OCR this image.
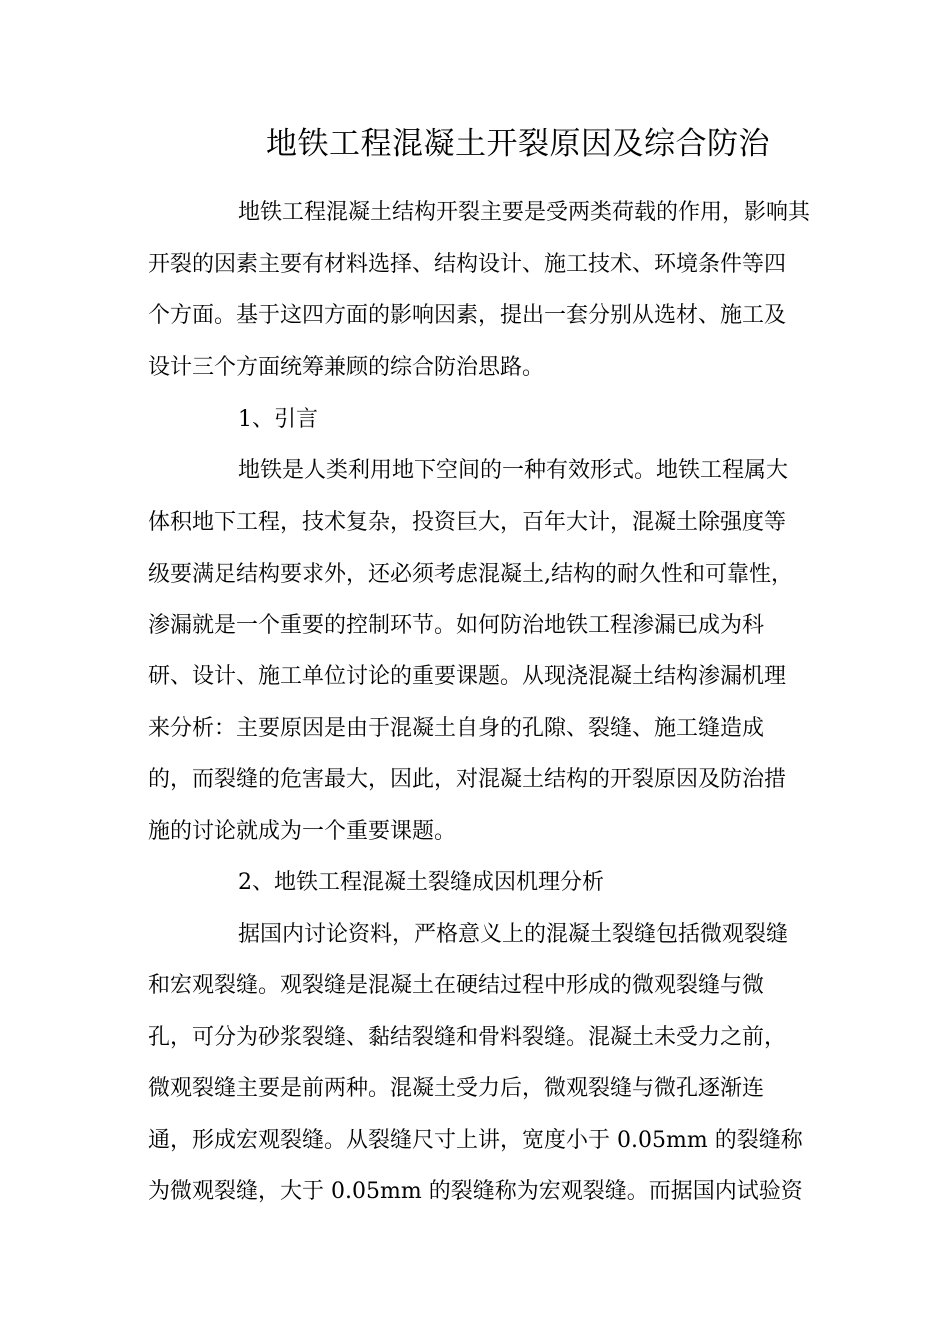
地铁工程混凝土开裂原因及综合防治

地铁工程混凝土结构开裂主要是受两类荷载的作用，影响其

开裂的因素主要有材料选择、结构设计、施工技术、环境条件等四

个方面。基于这四方面的影响因素，提出一套分别从选材、施工及

设计三个方面统筹兼顾的综合防治思路。

1、引言

地铁是人类利用地下空间的一种有效形式。地铁工程属大

体积地下工程，技术复杂，投资巨大，百年大计，混凝土除强度等

级要满足结构要求外，还必须考虑混凝土,结构的耐久性和可靠性，

渗漏就是一个重要的控制环节。如何防治地铁工程渗漏已成为科

研、设计、施工单位讨论的重要课题。从现浇混凝土结构渗漏机理

来分析：主要原因是由于混凝土自身的孔隙、裂缝、施工缝造成

的，而裂缝的危害最大，因此，对混凝土结构的开裂原因及防治措

施的讨论就成为一个重要课题。

2、地铁工程混凝土裂缝成因机理分析

据国内讨论资料，严格意义上的混凝土裂缝包括微观裂缝

和宏观裂缝。观裂缝是混凝土在硬结过程中形成的微观裂缝与微

孔，可分为砂浆裂缝、黏结裂缝和骨料裂缝。混凝土未受力之前，

微观裂缝主要是前两种。混凝土受力后，微观裂缝与微孔逐渐连

通，形成宏观裂缝。从裂缝尺寸上讲，宽度小于 0.05mm 的裂缝称

为微观裂缝，大于 0.05mm 的裂缝称为宏观裂缝。而据国内试验资
